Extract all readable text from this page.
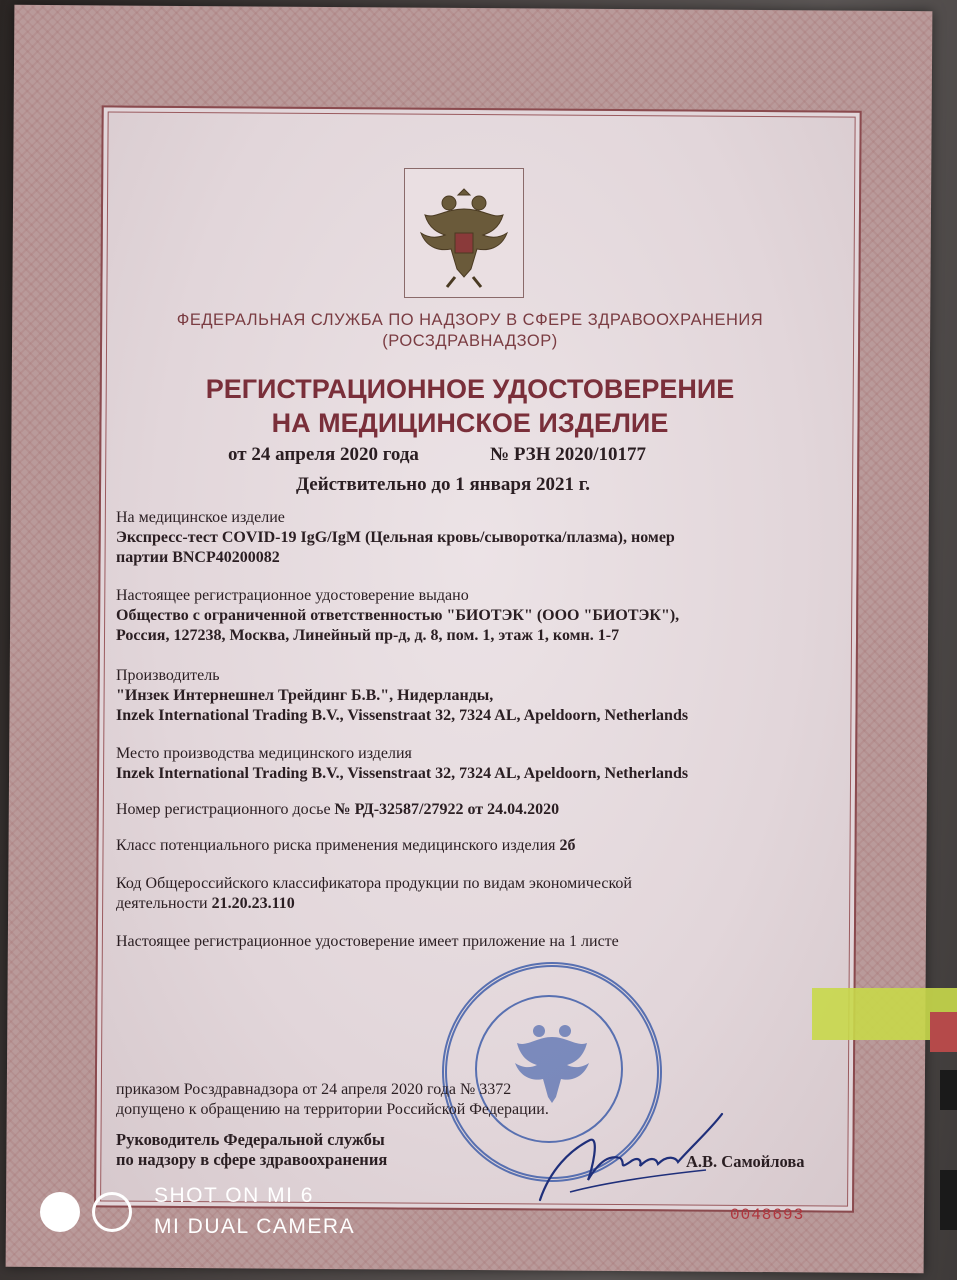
ФЕДЕРАЛЬНАЯ СЛУЖБА ПО НАДЗОРУ В СФЕРЕ ЗДРАВООХРАНЕНИЯ
(РОСЗДРАВНАДЗОР)
РЕГИСТРАЦИОННОЕ УДОСТОВЕРЕНИЕ
НА МЕДИЦИНСКОЕ ИЗДЕЛИЕ
от 24 апреля 2020 года	№ РЗН 2020/10177
Действительно до 1 января 2021 г.
На медицинское изделие
Экспресс-тест COVID-19 IgG/IgM (Цельная кровь/сыворотка/плазма), номер
партии BNCP40200082
Настоящее регистрационное удостоверение выдано
Общество с ограниченной ответственностью "БИОТЭК" (ООО "БИОТЭК"),
Россия, 127238, Москва, Линейный пр-д, д. 8, пом. 1, этаж 1, комн. 1-7
Производитель
"Инзек Интернешнел Трейдинг Б.В.", Нидерланды,
Inzek International Trading B.V., Vissenstraat 32, 7324 AL, Apeldoorn, Netherlands
Место производства медицинского изделия
Inzek International Trading B.V., Vissenstraat 32, 7324 AL, Apeldoorn, Netherlands
Номер регистрационного досье № РД-32587/27922 от 24.04.2020
Класс потенциального риска применения медицинского изделия 2б
Код Общероссийского классификатора продукции по видам экономической
деятельности 21.20.23.110
Настоящее регистрационное удостоверение имеет приложение на 1 листе
приказом Росздравнадзора от 24 апреля 2020 года № 3372
допущено к обращению на территории Российской Федерации.
Руководитель Федеральной службы
по надзору в сфере здравоохранения	А.В. Самойлова
0048693
SHOT ON MI 6
MI DUAL CAMERA
